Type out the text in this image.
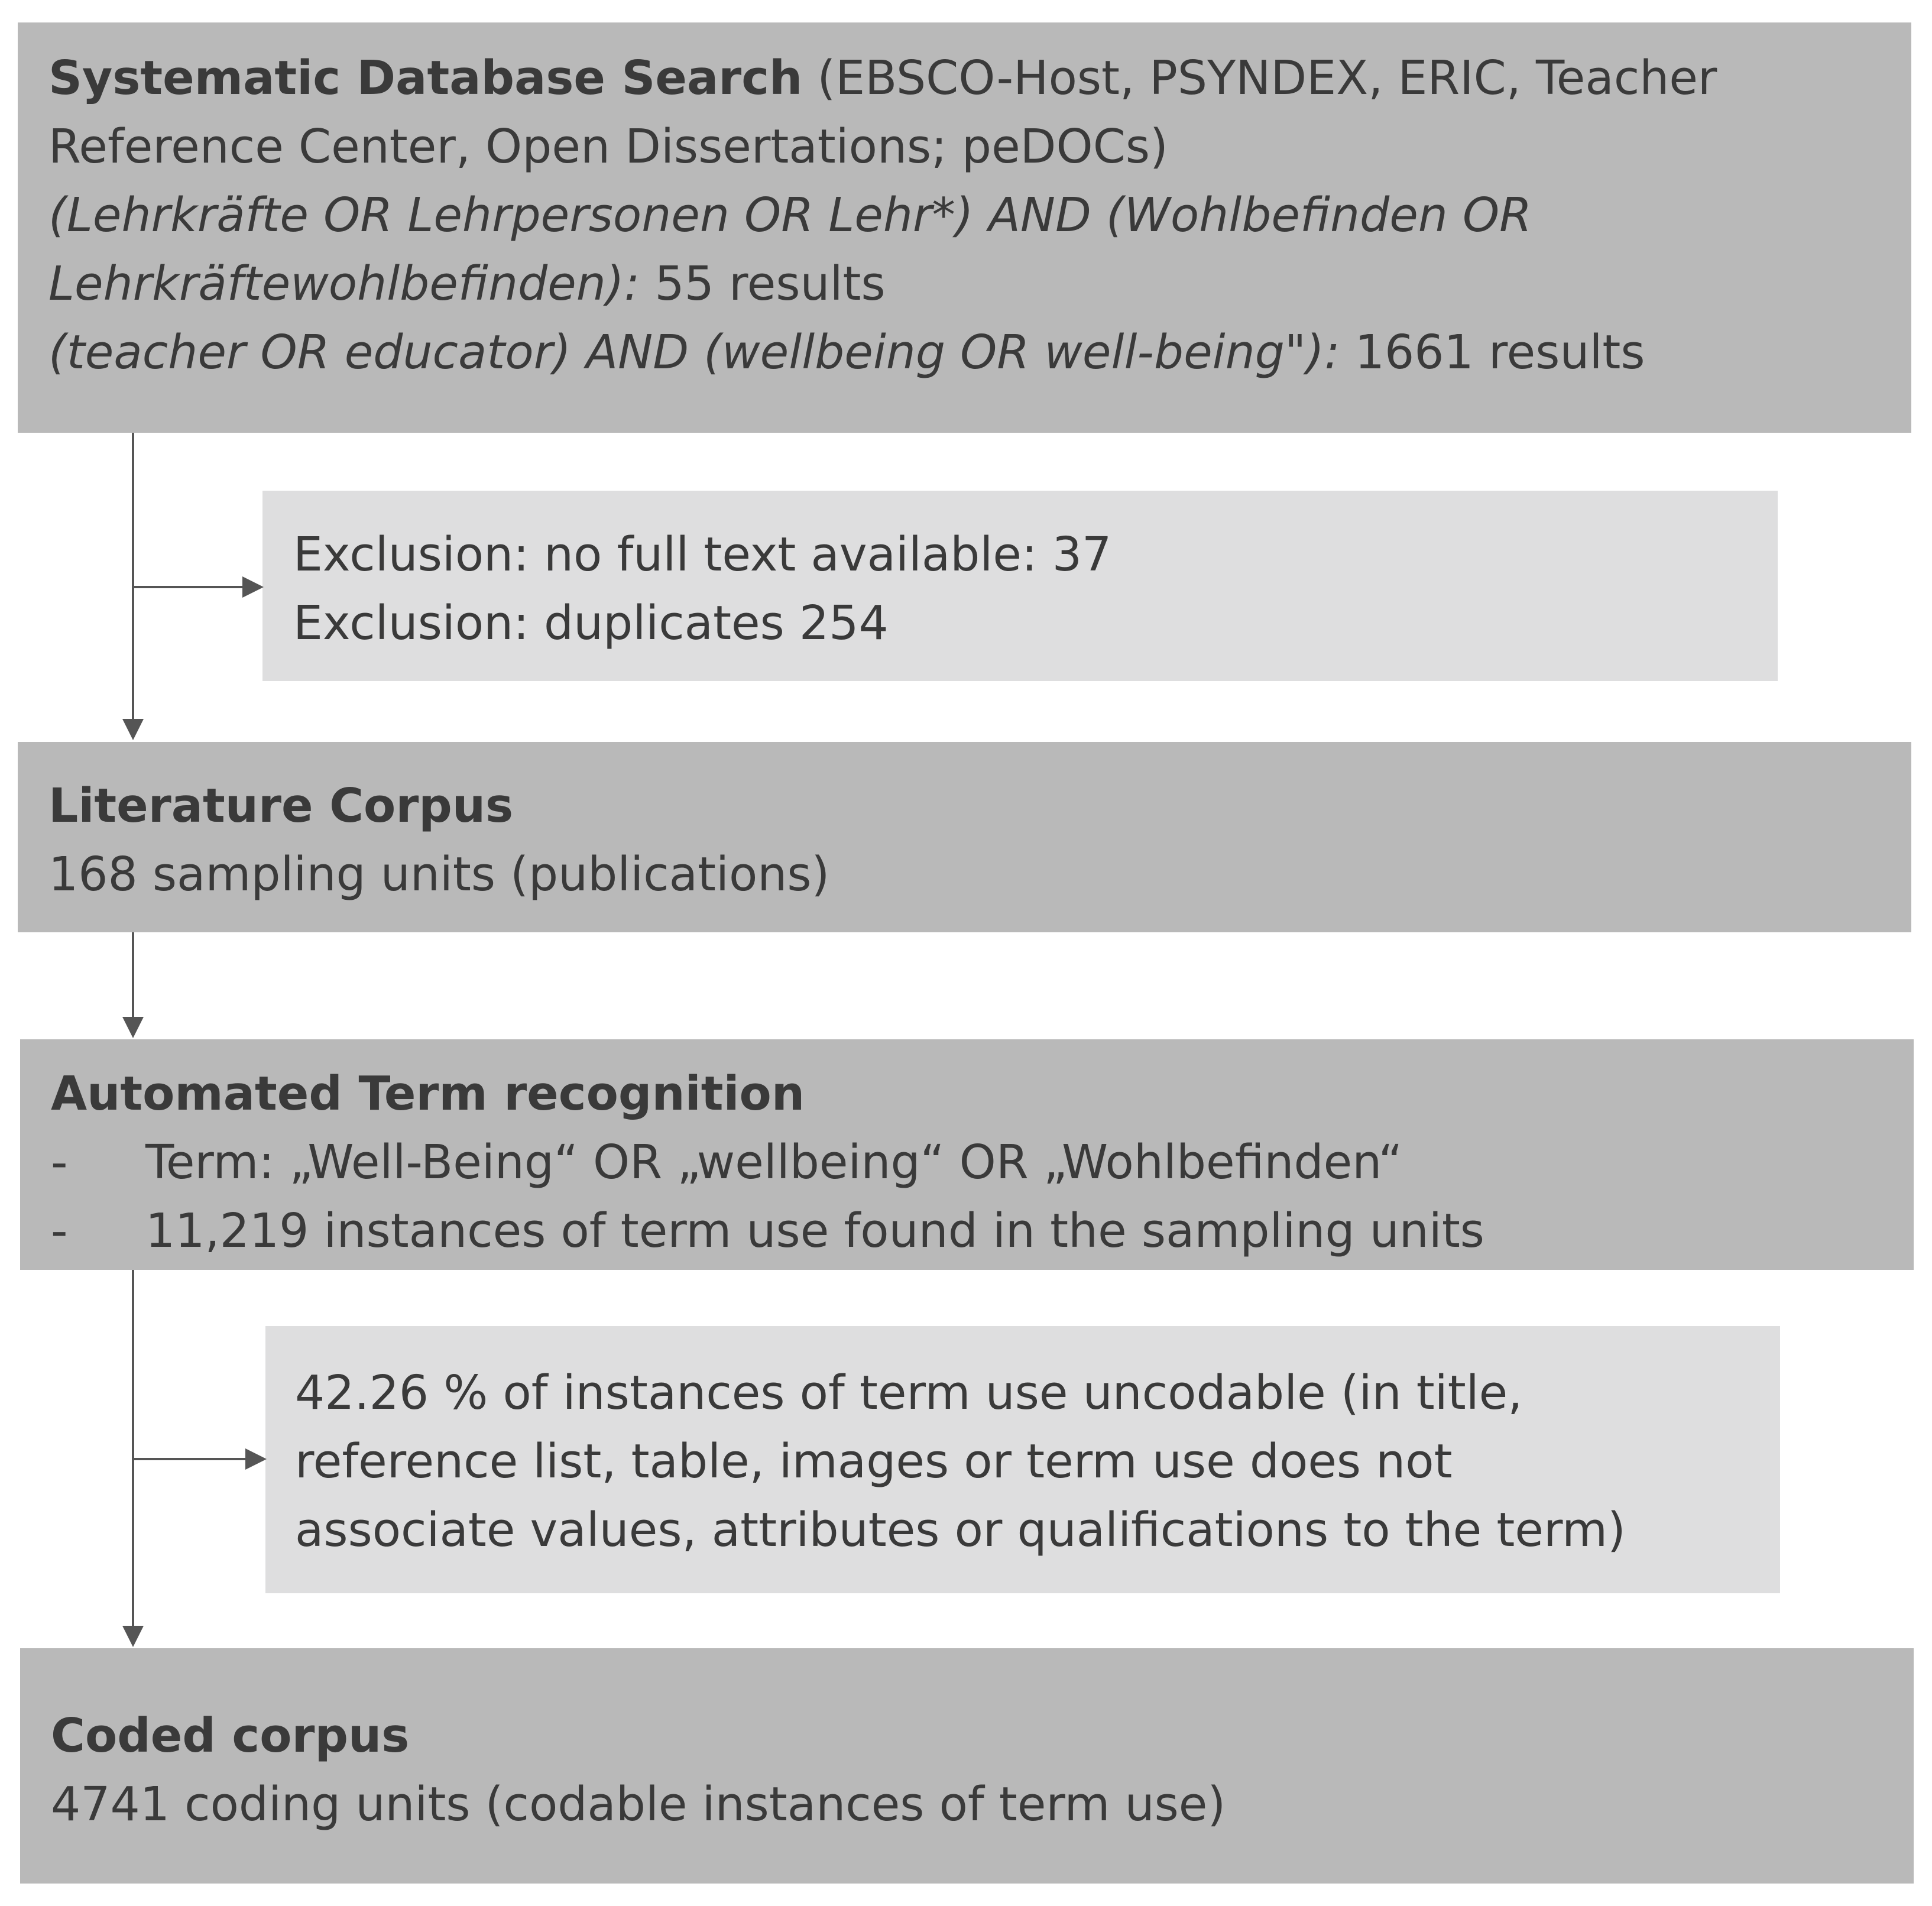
Systematic Database Search (EBSCO-Host, PSYNDEX, ERIC, Teacher
Reference Center, Open Dissertations; peDOCs)
(Lehrkräfte OR Lehrpersonen OR Lehr*) AND (Wohlbefinden OR
Lehrkräftewohlbefinden): 55 results
(teacher OR educator) AND (wellbeing OR well-being"): 1661 results
Exclusion: no full text available: 37
Exclusion: duplicates 254
Literature Corpus
168 sampling units (publications)
Automated Term recognition
- Term: „Well-Being“ OR „wellbeing“ OR „Wohlbefinden“
- 11,219 instances of term use found in the sampling units
42.26 % of instances of term use uncodable (in title,
reference list, table, images or term use does not
associate values, attributes or qualifications to the term)
Coded corpus
4741 coding units (codable instances of term use)
